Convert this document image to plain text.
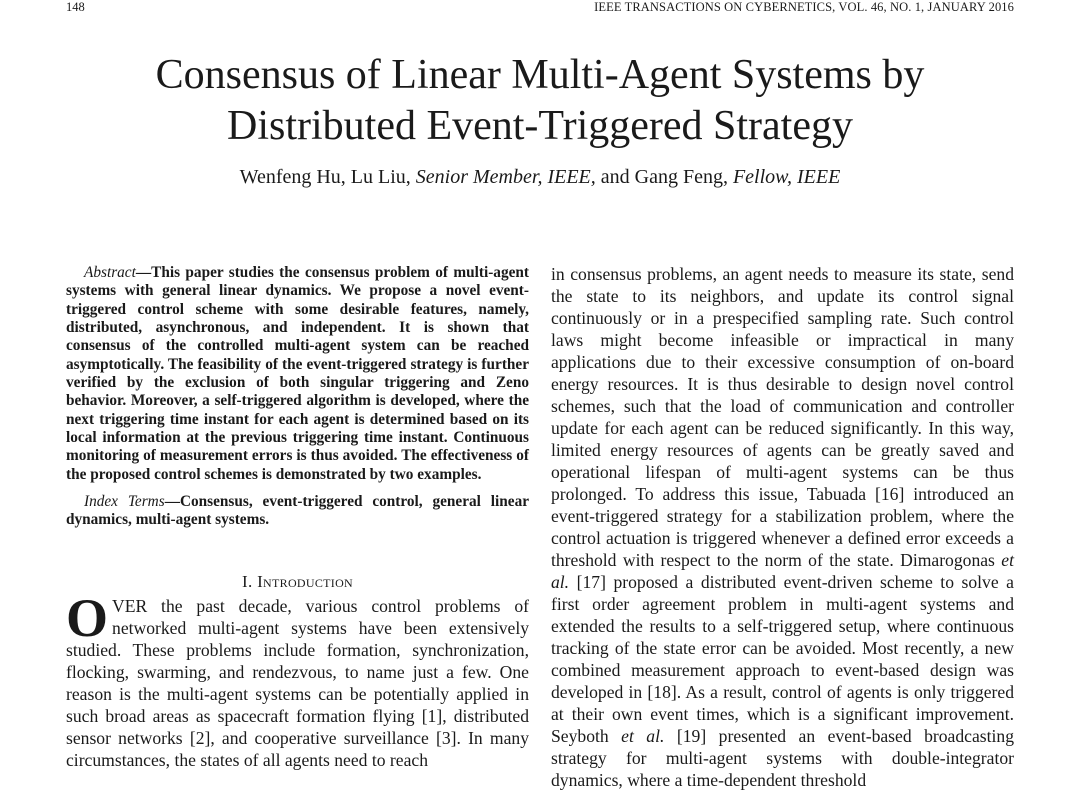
148	IEEE TRANSACTIONS ON CYBERNETICS, VOL. 46, NO. 1, JANUARY 2016
Consensus of Linear Multi-Agent Systems by
Distributed Event-Triggered Strategy
Wenfeng Hu, Lu Liu, Senior Member, IEEE, and Gang Feng, Fellow, IEEE

Abstract—This paper studies the consensus problem of multi-agent systems with general linear dynamics. We propose a novel event-triggered control scheme with some desirable features, namely, distributed, asynchronous, and independent. It is shown that consensus of the controlled multi-agent system can be reached asymptotically. The feasibility of the event-triggered strategy is further verified by the exclusion of both singular triggering and Zeno behavior. Moreover, a self-triggered algorithm is developed, where the next triggering time instant for each agent is determined based on its local information at the previous triggering time instant. Continuous monitoring of measurement errors is thus avoided. The effectiveness of the proposed control schemes is demonstrated by two examples.

Index Terms—Consensus, event-triggered control, general linear dynamics, multi-agent systems.

I. Introduction

OVER the past decade, various control problems of networked multi-agent systems have been extensively studied. These problems include formation, synchronization, flocking, swarming, and rendezvous, to name just a few. One reason is the multi-agent systems can be potentially applied in such broad areas as spacecraft formation flying [1], distributed sensor networks [2], and cooperative surveillance [3]. In many circumstances, the states of all agents need to reach

in consensus problems, an agent needs to measure its state, send the state to its neighbors, and update its control signal continuously or in a prespecified sampling rate. Such control laws might become infeasible or impractical in many applications due to their excessive consumption of on-board energy resources. It is thus desirable to design novel control schemes, such that the load of communication and controller update for each agent can be reduced significantly. In this way, limited energy resources of agents can be greatly saved and operational lifespan of multi-agent systems can be thus prolonged. To address this issue, Tabuada [16] introduced an event-triggered strategy for a stabilization problem, where the control actuation is triggered whenever a defined error exceeds a threshold with respect to the norm of the state. Dimarogonas et al. [17] proposed a distributed event-driven scheme to solve a first order agreement problem in multi-agent systems and extended the results to a self-triggered setup, where continuous tracking of the state error can be avoided. Most recently, a new combined measurement approach to event-based design was developed in [18]. As a result, control of agents is only triggered at their own event times, which is a significant improvement. Seyboth et al. [19] presented an event-based broadcasting strategy for multi-agent systems with double-integrator dynamics, where a time-dependent threshold
